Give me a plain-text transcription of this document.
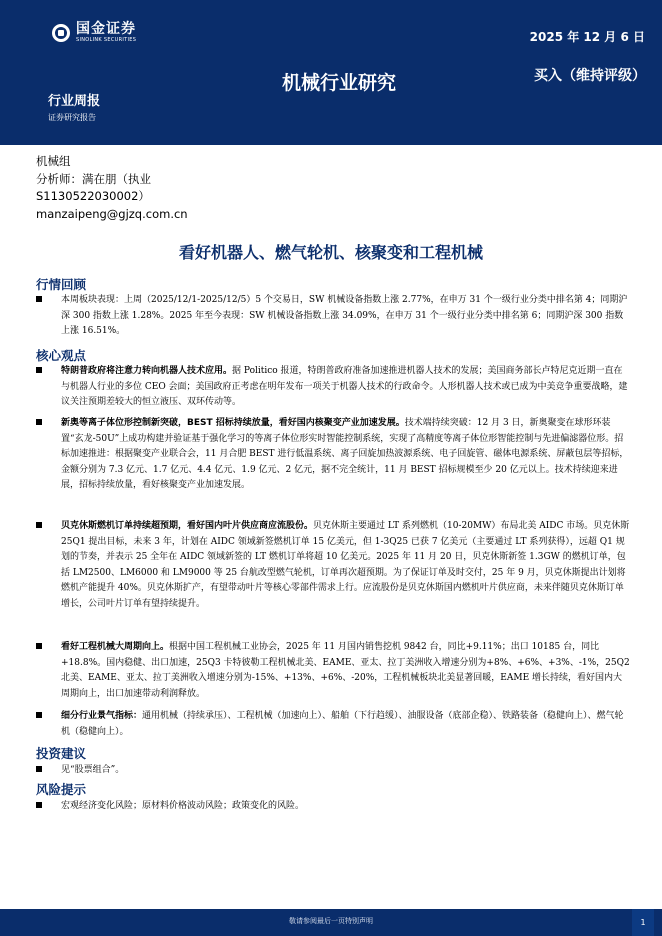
国金证券
SINOLINK SECURITIES	2025 年 12 月 6 日
机械行业研究	买入（维持评级）
行业周报
证券研究报告
机械组
分析师：满在朋（执业
S1130522030002）
manzaipeng@gjzq.com.cn
看好机器人、燃气轮机、核聚变和工程机械
行情回顾
本周板块表现：上周（2025/12/1-2025/12/5）5 个交易日，SW 机械设备指数上涨 2.77%，在申万 31 个一级行业分类中排名第 4；同期沪深 300 指数上涨 1.28%。2025 年至今表现：SW 机械设备指数上涨 34.09%，在申万 31 个一级行业分类中排名第 6；同期沪深 300 指数上涨 16.51%。
核心观点
特朗普政府将注意力转向机器人技术应用。据 Politico 报道，特朗普政府准备加速推进机器人技术的发展；美国商务部长卢特尼克近期一直在与机器人行业的多位 CEO 会面；美国政府正考虑在明年发布一项关于机器人技术的行政命令。人形机器人技术或已成为中美竞争重要战略，建议关注预期差较大的恒立液压、双环传动等。
新奥等离子体位形控制新突破，BEST 招标持续放量，看好国内核聚变产业加速发展。技术端持续突破：12 月 3 日，新奥聚变在球形环装置“玄龙-50U”上成功构建并验证基于强化学习的等离子体位形实时智能控制系统，实现了高精度等离子体位形智能控制与先进偏滤器位形。招标加速推进：根据聚变产业联合会，11 月合肥 BEST 进行低温系统、离子回旋加热波源系统、电子回旋管、磁体电源系统、屏蔽包层等招标，金额分别为 7.3 亿元、1.7 亿元、4.4 亿元、1.9 亿元、2 亿元，据不完全统计，11 月 BEST 招标规模至少 20 亿元以上。技术持续迎来进展，招标持续放量，看好核聚变产业加速发展。
贝克休斯燃机订单持续超预期，看好国内叶片供应商应流股份。贝克休斯主要通过 LT 系列燃机（10-20MW）布局北美 AIDC 市场。贝克休斯 25Q1 提出目标，未来 3 年，计划在 AIDC 领域新签燃机订单 15 亿美元，但 1-3Q25 已获 7 亿美元（主要通过 LT 系列获得），远超 Q1 规划的节奏，并表示 25 全年在 AIDC 领域新签的 LT 燃机订单将超 10 亿美元。2025 年 11 月 20 日，贝克休斯新签 1.3GW 的燃机订单，包括 LM2500、LM6000 和 LM9000 等 25 台航改型燃气轮机，订单再次超预期。为了保证订单及时交付，25 年 9 月，贝克休斯提出计划将燃机产能提升 40%。贝克休斯扩产，有望带动叶片等核心零部件需求上行。应流股份是贝克休斯国内燃机叶片供应商，未来伴随贝克休斯订单增长，公司叶片订单有望持续提升。
看好工程机械大周期向上。根据中国工程机械工业协会，2025 年 11 月国内销售挖机 9842 台，同比+9.11%；出口 10185 台，同比+18.8%。国内稳健、出口加速，25Q3 卡特彼勒工程机械北美、EAME、亚太、拉丁美洲收入增速分别为+8%、+6%、+3%、-1%，25Q2 北美、EAME、亚太、拉丁美洲收入增速分别为-15%、+13%、+6%、-20%，工程机械板块北美显著回暖，EAME 增长持续，看好国内大周期向上，出口加速带动利润释放。
细分行业景气指标：通用机械（持续承压）、工程机械（加速向上）、船舶（下行趋缓）、油服设备（底部企稳）、铁路装备（稳健向上）、燃气轮机（稳健向上）。
投资建议
见“股票组合”。
风险提示
宏观经济变化风险；原材料价格波动风险；政策变化的风险。
敬请参阅最后一页特别声明	1
